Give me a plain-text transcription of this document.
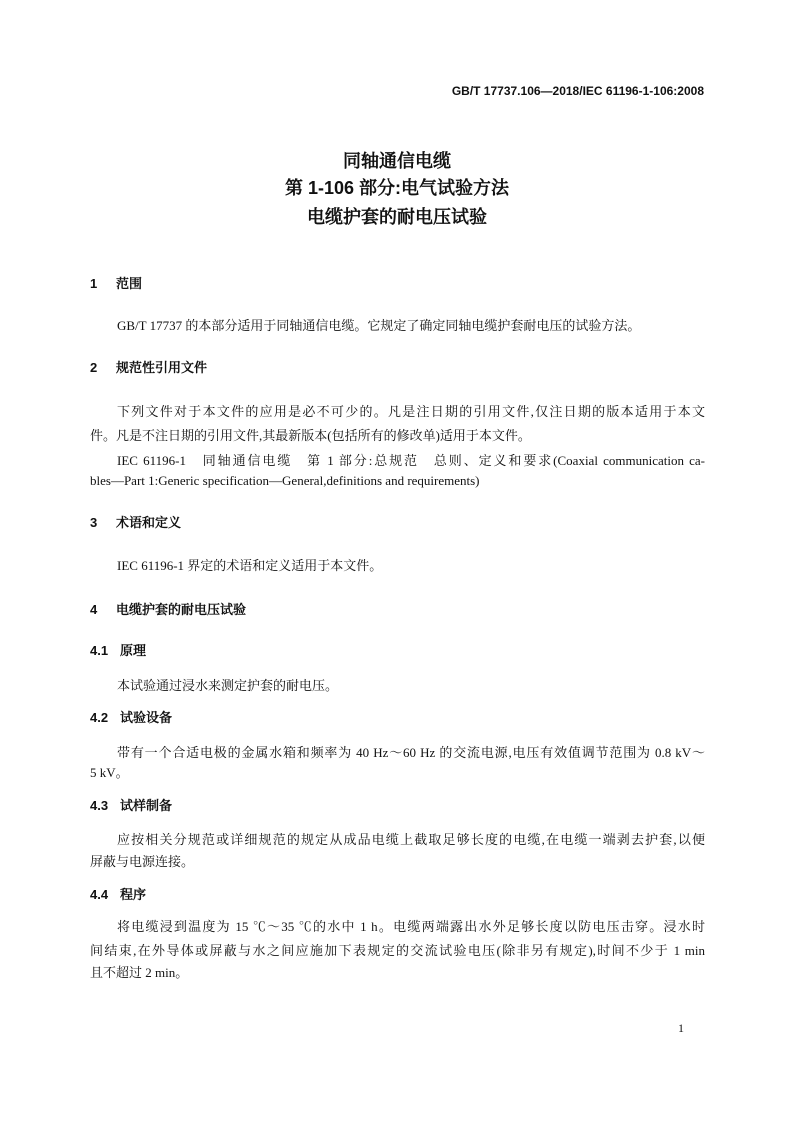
GB/T 17737.106—2018/IEC 61196-1-106:2008
同轴通信电缆
第 1-106 部分:电气试验方法
电缆护套的耐电压试验
1 范围
GB/T 17737 的本部分适用于同轴通信电缆。它规定了确定同轴电缆护套耐电压的试验方法。
2 规范性引用文件
下列文件对于本文件的应用是必不可少的。凡是注日期的引用文件,仅注日期的版本适用于本文
件。凡是不注日期的引用文件,其最新版本(包括所有的修改单)适用于本文件。
IEC 61196-1　同轴通信电缆　第 1 部分:总规范　总则、定义和要求(Coaxial communication ca-
bles—Part 1:Generic specification—General,definitions and requirements)
3 术语和定义
IEC 61196-1 界定的术语和定义适用于本文件。
4 电缆护套的耐电压试验
4.1 原理
本试验通过浸水来测定护套的耐电压。
4.2 试验设备
带有一个合适电极的金属水箱和频率为 40 Hz～60 Hz 的交流电源,电压有效值调节范围为 0.8 kV～
5 kV。
4.3 试样制备
应按相关分规范或详细规范的规定从成品电缆上截取足够长度的电缆,在电缆一端剥去护套,以便
屏蔽与电源连接。
4.4 程序
将电缆浸到温度为 15 ℃～35 ℃的水中 1 h。电缆两端露出水外足够长度以防电压击穿。浸水时
间结束,在外导体或屏蔽与水之间应施加下表规定的交流试验电压(除非另有规定),时间不少于 1 min
且不超过 2 min。
1
